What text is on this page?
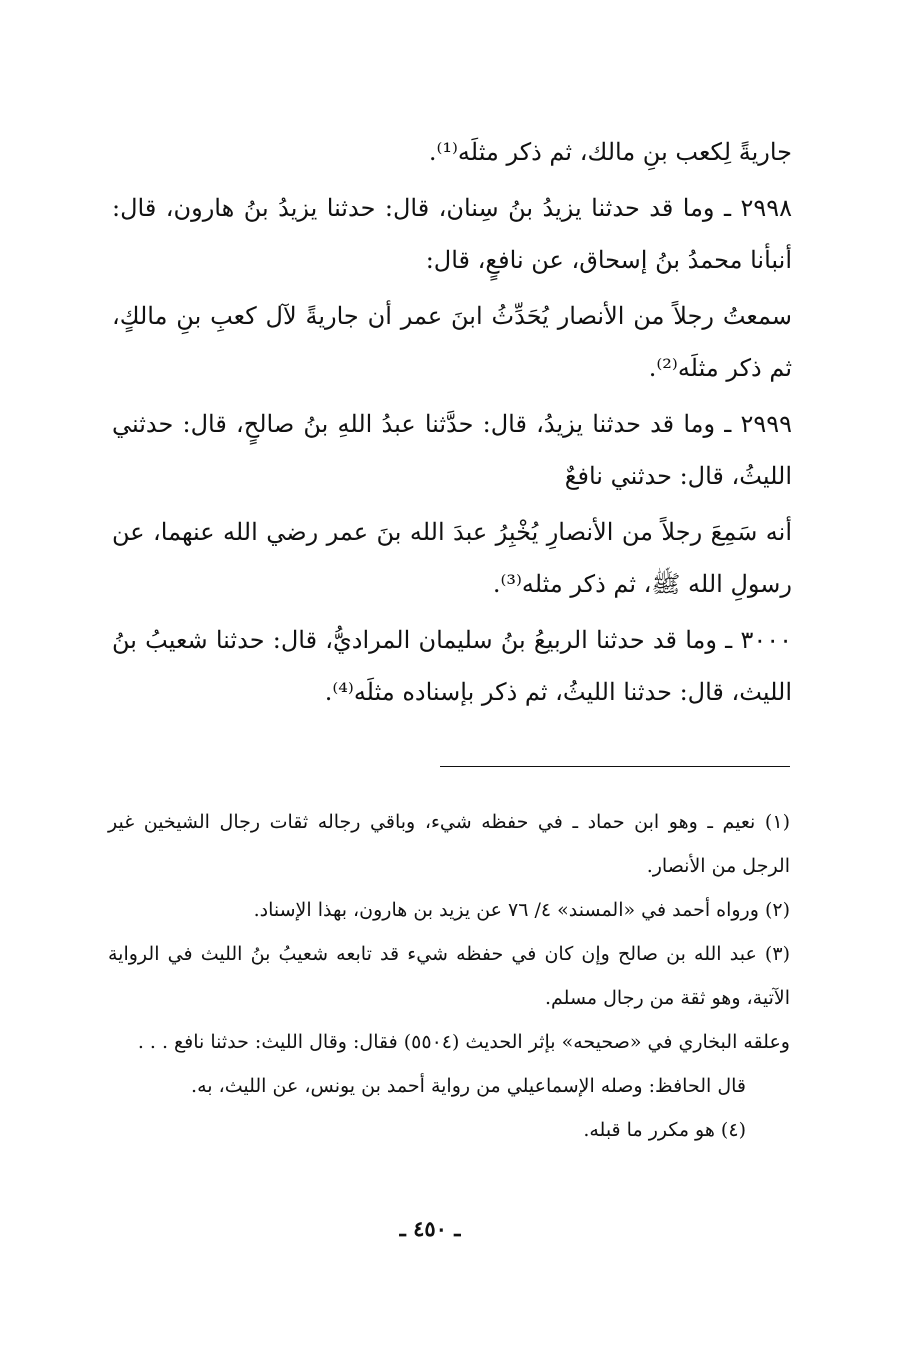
جاريةً لِكعب بنِ مالك، ثم ذكر مثلَه⁽¹⁾.

٢٩٩٨ ـ وما قد حدثنا يزيدُ بنُ سِنان، قال: حدثنا يزيدُ بنُ هارون، قال: أنبأنا محمدُ بنُ إسحاق، عن نافعٍ، قال:

سمعتُ رجلاً من الأنصار يُحَدِّثُ ابنَ عمر أن جاريةً لآل كعبِ بنِ مالكٍ، ثم ذكر مثلَه⁽²⁾.

٢٩٩٩ ـ وما قد حدثنا يزيدُ، قال: حدَّثنا عبدُ اللهِ بنُ صالحٍ، قال: حدثني الليثُ، قال: حدثني نافعٌ

أنه سَمِعَ رجلاً من الأنصارِ يُخْبِرُ عبدَ الله بنَ عمر رضي الله عنهما، عن رسولِ الله ﷺ، ثم ذكر مثله⁽³⁾.

٣٠٠٠ ـ وما قد حدثنا الربيعُ بنُ سليمان المراديُّ، قال: حدثنا شعيبُ بنُ الليث، قال: حدثنا الليثُ، ثم ذكر بإسناده مثلَه⁽⁴⁾.

(١) نعيم ـ وهو ابن حماد ـ في حفظه شيء، وباقي رجاله ثقات رجال الشيخين غير الرجل من الأنصار.

(٢) ورواه أحمد في «المسند» ٤/ ٧٦ عن يزيد بن هارون، بهذا الإسناد.

(٣) عبد الله بن صالح وإن كان في حفظه شيء قد تابعه شعيبُ بنُ الليث في الرواية الآتية، وهو ثقة من رجال مسلم.

وعلقه البخاري في «صحيحه» بإثر الحديث (٥٥٠٤) فقال: وقال الليث: حدثنا نافع . . .

قال الحافظ: وصله الإسماعيلي من رواية أحمد بن يونس، عن الليث، به.

(٤) هو مكرر ما قبله.

ـ ٤٥٠ ـ
